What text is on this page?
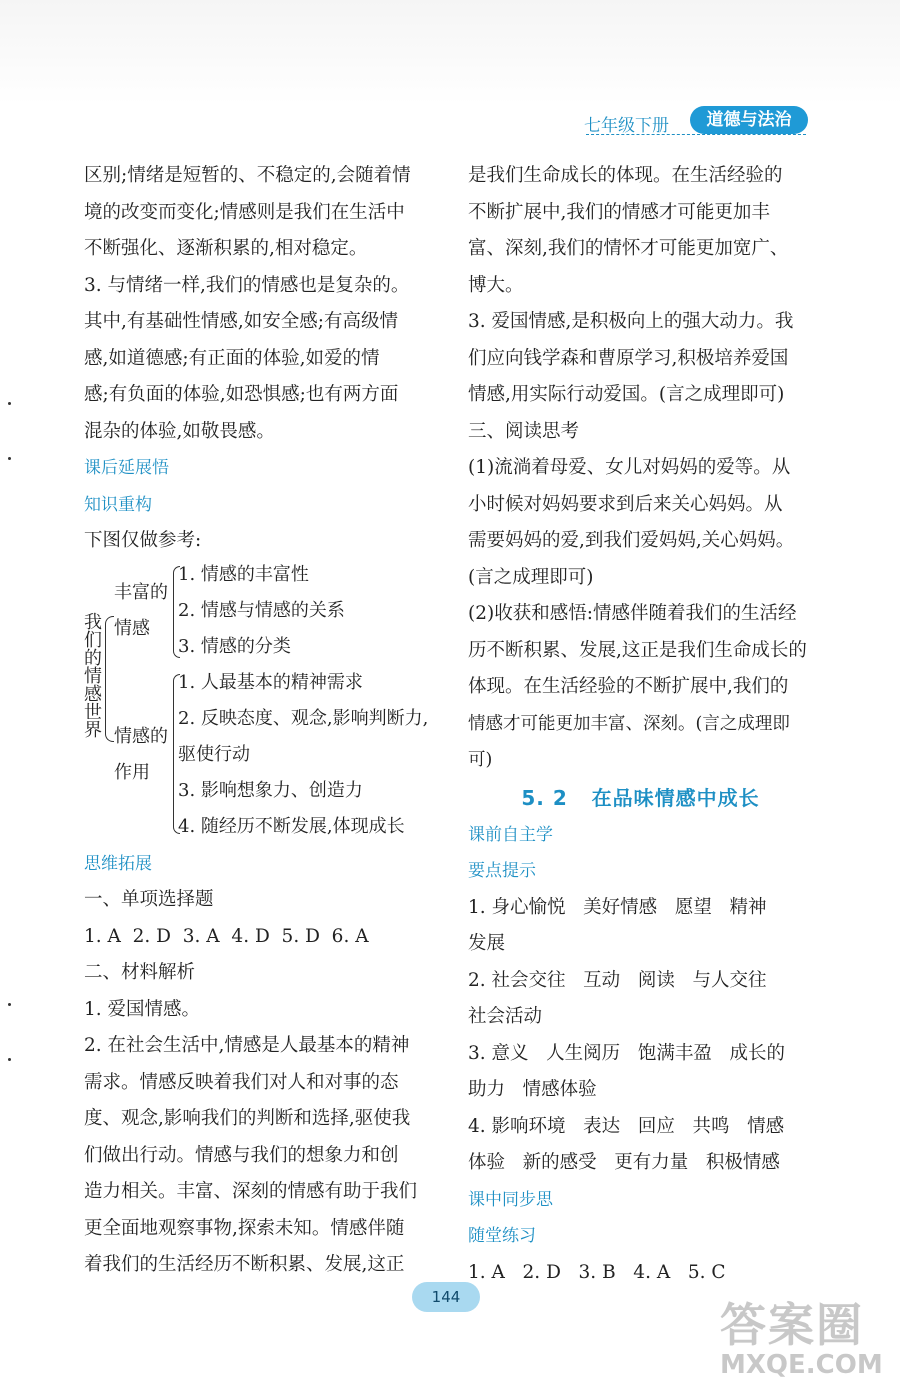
七年级下册	道德与法治
区别;情绪是短暂的、不稳定的,会随着情
境的改变而变化;情感则是我们在生活中
不断强化、逐渐积累的,相对稳定。
3. 与情绪一样,我们的情感也是复杂的。
其中,有基础性情感,如安全感;有高级情
感,如道德感;有正面的体验,如爱的情
感;有负面的体验,如恐惧感;也有两方面
混杂的体验,如敬畏感。
课后延展悟
知识重构
下图仅做参考:
我
们
的
情
感
世
界
丰富的
情感
1. 情感的丰富性
2. 情感与情感的关系
3. 情感的分类
情感的
作用
1. 人最基本的精神需求
2. 反映态度、观念,影响判断力,
驱使行动
3. 影响想象力、创造力
4. 随经历不断发展,体现成长
思维拓展
一、单项选择题
1. A  2. D  3. A  4. D  5. D  6. A
二、材料解析
1. 爱国情感。
2. 在社会生活中,情感是人最基本的精神
需求。情感反映着我们对人和对事的态
度、观念,影响我们的判断和选择,驱使我
们做出行动。情感与我们的想象力和创
造力相关。丰富、深刻的情感有助于我们
更全面地观察事物,探索未知。情感伴随
着我们的生活经历不断积累、发展,这正
是我们生命成长的体现。在生活经验的
不断扩展中,我们的情感才可能更加丰
富、深刻,我们的情怀才可能更加宽广、
博大。
3. 爱国情感,是积极向上的强大动力。我
们应向钱学森和曹原学习,积极培养爱国
情感,用实际行动爱国。(言之成理即可)
三、阅读思考
(1)流淌着母爱、女儿对妈妈的爱等。从
小时候对妈妈要求到后来关心妈妈。从
需要妈妈的爱,到我们爱妈妈,关心妈妈。
(言之成理即可)
(2)收获和感悟:情感伴随着我们的生活经
历不断积累、发展,这正是我们生命成长的
体现。在生活经验的不断扩展中,我们的
情感才可能更加丰富、深刻。(言之成理即可)
5. 2   在品味情感中成长
课前自主学
要点提示
1. 身心愉悦   美好情感   愿望   精神
发展
2. 社会交往   互动   阅读   与人交往
社会活动
3. 意义   人生阅历   饱满丰盈   成长的
助力   情感体验
4. 影响环境   表达   回应   共鸣   情感
体验   新的感受   更有力量   积极情感
课中同步思
随堂练习
1. A   2. D   3. B   4. A   5. C
144
答案圈
MXQE.COM
